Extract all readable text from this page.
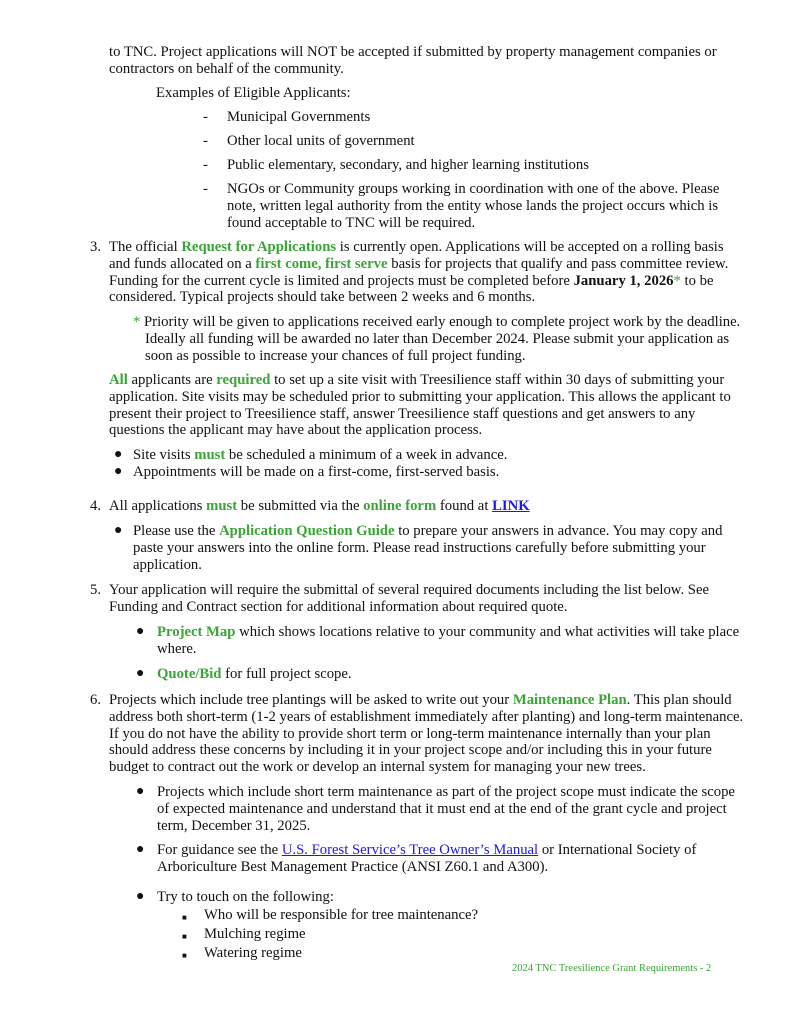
to TNC. Project applications will NOT be accepted if submitted by property management companies or
contractors on behalf of the community.
Examples of Eligible Applicants:
- Municipal Governments
- Other local units of government
- Public elementary, secondary, and higher learning institutions
- NGOs or Community groups working in coordination with one of the above. Please
note, written legal authority from the entity whose lands the project occurs which is
found acceptable to TNC will be required.
3. The official Request for Applications is currently open. Applications will be accepted on a rolling basis
and funds allocated on a first come, first serve basis for projects that qualify and pass committee review.
Funding for the current cycle is limited and projects must be completed before January 1, 2026* to be
considered. Typical projects should take between 2 weeks and 6 months.
* Priority will be given to applications received early enough to complete project work by the deadline.
Ideally all funding will be awarded no later than December 2024. Please submit your application as
soon as possible to increase your chances of full project funding.
All applicants are required to set up a site visit with Treesilience staff within 30 days of submitting your
application. Site visits may be scheduled prior to submitting your application. This allows the applicant to
present their project to Treesilience staff, answer Treesilience staff questions and get answers to any
questions the applicant may have about the application process.
● Site visits must be scheduled a minimum of a week in advance.
● Appointments will be made on a first-come, first-served basis.
4. All applications must be submitted via the online form found at LINK
● Please use the Application Question Guide to prepare your answers in advance. You may copy and
paste your answers into the online form. Please read instructions carefully before submitting your
application.
5. Your application will require the submittal of several required documents including the list below. See
Funding and Contract section for additional information about required quote.
● Project Map which shows locations relative to your community and what activities will take place
where.
● Quote/Bid for full project scope.
6. Projects which include tree plantings will be asked to write out your Maintenance Plan. This plan should
address both short-term (1-2 years of establishment immediately after planting) and long-term maintenance.
If you do not have the ability to provide short term or long-term maintenance internally than your plan
should address these concerns by including it in your project scope and/or including this in your future
budget to contract out the work or develop an internal system for managing your new trees.
● Projects which include short term maintenance as part of the project scope must indicate the scope
of expected maintenance and understand that it must end at the end of the grant cycle and project
term, December 31, 2025.
● For guidance see the U.S. Forest Service’s Tree Owner’s Manual or International Society of
Arboriculture Best Management Practice (ANSI Z60.1 and A300).
● Try to touch on the following:
■ Who will be responsible for tree maintenance?
■ Mulching regime
■ Watering regime
2024 TNC Treesilience Grant Requirements - 2
